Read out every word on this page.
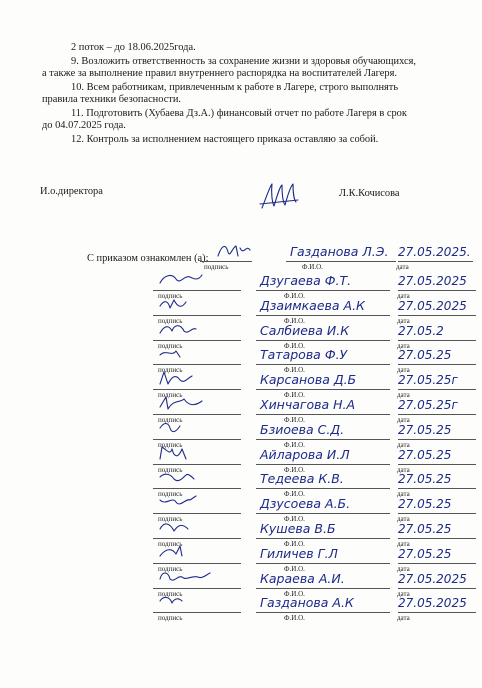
2 поток – до 18.06.2025года.
9. Возложить ответственность за сохранение жизни и здоровья обучающихся,
а также за выполнение правил внутреннего распорядка на воспитателей Лагеря.
10. Всем работникам, привлеченным к работе в Лагере, строго выполнять
правила техники безопасности.
11. Подготовить (Хубаева Дз.А.) финансовый отчет по работе Лагеря в срок
до 04.07.2025 года.
12. Контроль за исполнением настоящего приказа оставляю за собой.
И.о.директора	Л.К.Кочисова
С приказом ознакомлен (а):	Газданова Л.Э. 27.05.2025.
подпись	Ф.И.О.	дата
Дзугаева Ф.Т.	27.05.2025
подпись	Ф.И.О.	дата
Дзаимкаева А.К	27.05.2025
подпись	Ф.И.О.	дата
Салбиева И.К	27.05.2
подпись	Ф.И.О.	дата
Татарова Ф.У	27.05.25
подпись	Ф.И.О.	дата
Карсанова Д.Б	27.05.25г
подпись	Ф.И.О.	дата
Хинчагова Н.А	27.05.25г
подпись	Ф.И.О.	дата
Бзиоева С.Д.	27.05.25
подпись	Ф.И.О.	дата
Айларова И.Л	27.05.25
подпись	Ф.И.О.	дата
Тедеева К.В.	27.05.25
подпись	Ф.И.О.	дата
Дзусоева А.Б.	27.05.25
подпись	Ф.И.О.	дата
Кушева В.Б	27.05.25
подпись	Ф.И.О.	дата
Гиличев Г.Л	27.05.25
подпись	Ф.И.О.	дата
Караева А.И.	27.05.2025
подпись	Ф.И.О.	дата
Газданова А.К	27.05.2025
подпись	Ф.И.О.	дата
